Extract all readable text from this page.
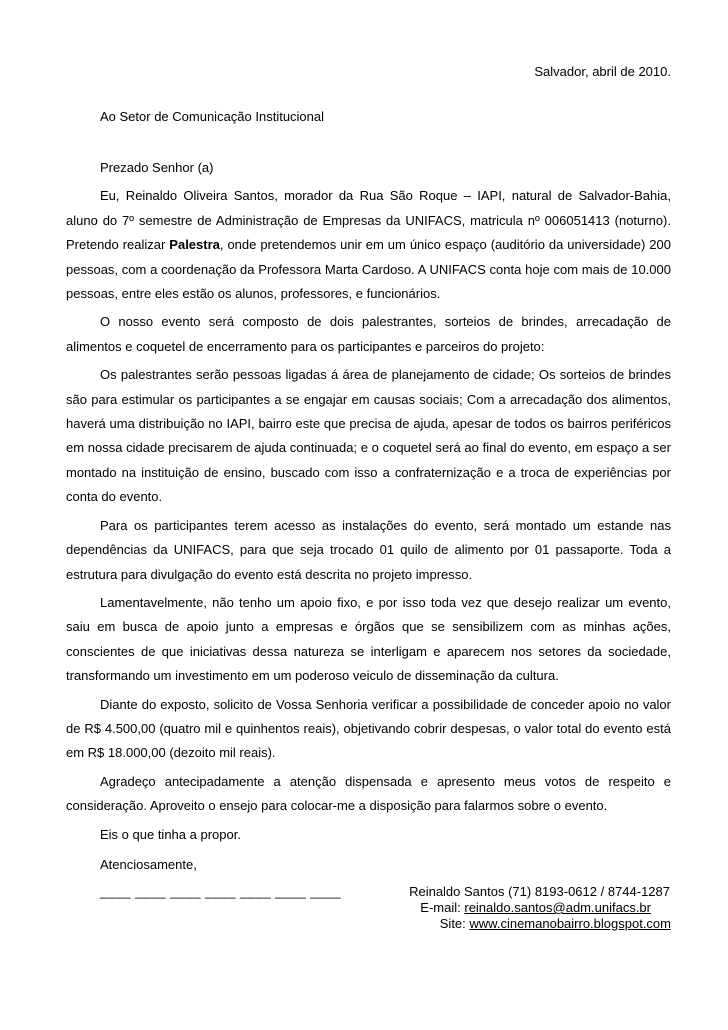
Salvador, abril de 2010.
Ao Setor de Comunicação Institucional

Prezado Senhor (a)

Eu, Reinaldo Oliveira Santos, morador da Rua São Roque – IAPI, natural de Salvador-Bahia, aluno do 7º semestre de Administração de Empresas da UNIFACS, matricula nº 006051413 (noturno). Pretendo realizar Palestra, onde pretendemos unir em um único espaço (auditório da universidade) 200 pessoas, com a coordenação da Professora Marta Cardoso. A UNIFACS conta hoje com mais de 10.000 pessoas, entre eles estão os alunos, professores, e funcionários.

O nosso evento será composto de dois palestrantes, sorteios de brindes, arrecadação de alimentos e coquetel de encerramento para os participantes e parceiros do projeto:

Os palestrantes serão pessoas ligadas á área de planejamento de cidade; Os sorteios de brindes são para estimular os participantes a se engajar em causas sociais; Com a arrecadação dos alimentos, haverá uma distribuição no IAPI, bairro este que precisa de ajuda, apesar de todos os bairros periféricos em nossa cidade precisarem de ajuda continuada; e o coquetel será ao final do evento, em espaço a ser montado na instituição de ensino, buscado com isso a confraternização e a troca de experiências por conta do evento.

Para os participantes terem acesso as instalações do evento, será montado um estande nas dependências da UNIFACS, para que seja trocado 01 quilo de alimento por 01 passaporte. Toda a estrutura para divulgação do evento está descrita no projeto impresso.

Lamentavelmente, não tenho um apoio fixo, e por isso toda vez que desejo realizar um evento, saiu em busca de apoio junto a empresas e órgãos que se sensibilizem com as minhas ações, conscientes de que iniciativas dessa natureza se interligam e aparecem nos setores da sociedade, transformando um investimento em um poderoso veiculo de disseminação da cultura.

Diante do exposto, solicito de Vossa Senhoria verificar a possibilidade de conceder apoio no valor de R$ 4.500,00 (quatro mil e quinhentos reais), objetivando cobrir despesas, o valor total do evento está em R$ 18.000,00 (dezoito mil reais).

Agradeço antecipadamente a atenção dispensada e apresento meus votos de respeito e consideração. Aproveito o ensejo para colocar-me a disposição para falarmos sobre o evento.

Eis o que tinha a propor.

Atenciosamente,

____ ____ ____ ____ ____ ____ ____	Reinaldo Santos (71) 8193-0612 / 8744-1287
E-mail: reinaldo.santos@adm.unifacs.br
Site: www.cinemanobairro.blogspot.com
